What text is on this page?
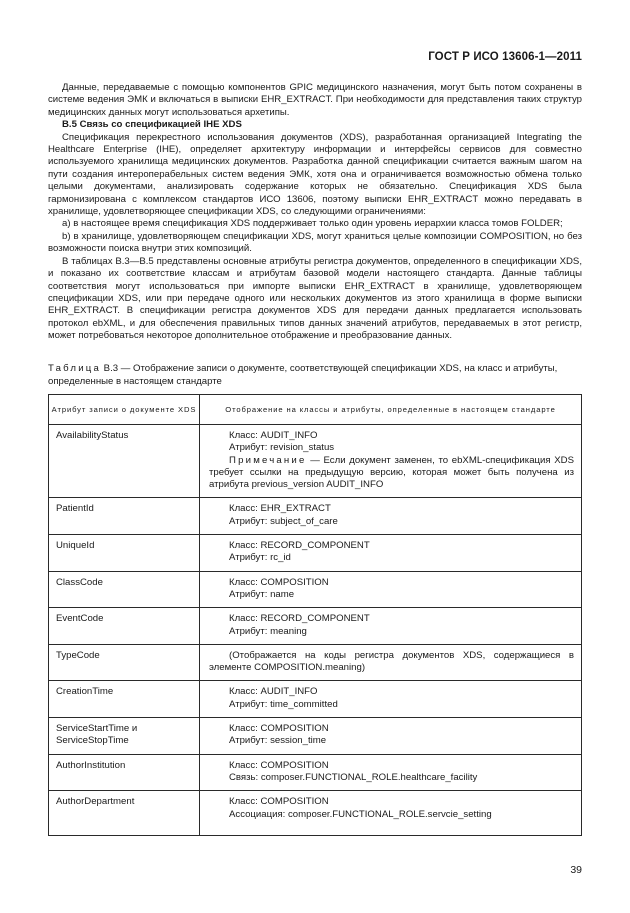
ГОСТ Р ИСО 13606-1—2011

Данные, передаваемые с помощью компонентов GPIC медицинского назначения, могут быть потом сохранены в системе ведения ЭМК и включаться в выписки EHR_EXTRACT. При необходимости для представления таких структур медицинских данных могут использоваться архетипы.

В.5 Связь со спецификацией IHE XDS

Спецификация перекрестного использования документов (XDS), разработанная организацией Integrating the Healthcare Enterprise (IHE), определяет архитектуру информации и интерфейсы сервисов для совместно используемого хранилища медицинских документов. Разработка данной спецификации считается важным шагом на пути создания интероперабельных систем ведения ЭМК, хотя она и ограничивается возможностью обмена только целыми документами, анализировать содержание которых не обязательно. Спецификация XDS была гармонизирована с комплексом стандартов ИСО 13606, поэтому выписки EHR_EXTRACT можно передавать в хранилище, удовлетворяющее спецификации XDS, со следующими ограничениями:

a) в настоящее время спецификация XDS поддерживает только один уровень иерархии класса томов FOLDER;

b) в хранилище, удовлетворяющем спецификации XDS, могут храниться целые композиции COMPOSITION, но без возможности поиска внутри этих композиций.

В таблицах В.3—В.5 представлены основные атрибуты регистра документов, определенного в спецификации XDS, и показано их соответствие классам и атрибутам базовой модели настоящего стандарта. Данные таблицы соответствия могут использоваться при импорте выписки EHR_EXTRACT в хранилище, удовлетворяющем спецификации XDS, или при передаче одного или нескольких документов из этого хранилища в форме выписки EHR_EXTRACT. В спецификации регистра документов XDS для передачи данных предлагается использовать протокол ebXML, и для обеспечения правильных типов данных значений атрибутов, передаваемых в этот регистр, может потребоваться некоторое дополнительное отображение и преобразование данных.

Таблица В.3 — Отображение записи о документе, соответствующей спецификации XDS, на класс и атрибуты, определенные в настоящем стандарте
Атрибут записи о документе XDS	Отображение на классы и атрибуты, определенные в настоящем стандарте
AvailabilityStatus	Класс: AUDIT_INFO
Атрибут: revision_status
Примечание — Если документ заменен, то ebXML-спецификация XDS требует ссылки на предыдущую версию, которая может быть получена из атрибута previous_version AUDIT_INFO

PatientId	Класс: EHR_EXTRACT
Атрибут: subject_of_care

UniqueId	Класс: RECORD_COMPONENT
Атрибут: rc_id

ClassCode	Класс: COMPOSITION
Атрибут: name

EventCode	Класс: RECORD_COMPONENT
Атрибут: meaning

TypeCode	(Отображается на коды регистра документов XDS, содержащиеся в элементе COMPOSITION.meaning)

CreationTime	Класс: AUDIT_INFO
Атрибут: time_committed

ServiceStartTime и ServiceStopTime	Класс: COMPOSITION
Атрибут: session_time

AuthorInstitution	Класс: COMPOSITION
Связь: composer.FUNCTIONAL_ROLE.healthcare_facility

AuthorDepartment	Класс: COMPOSITION
Ассоциация: composer.FUNCTIONAL_ROLE.servcie_setting
39
